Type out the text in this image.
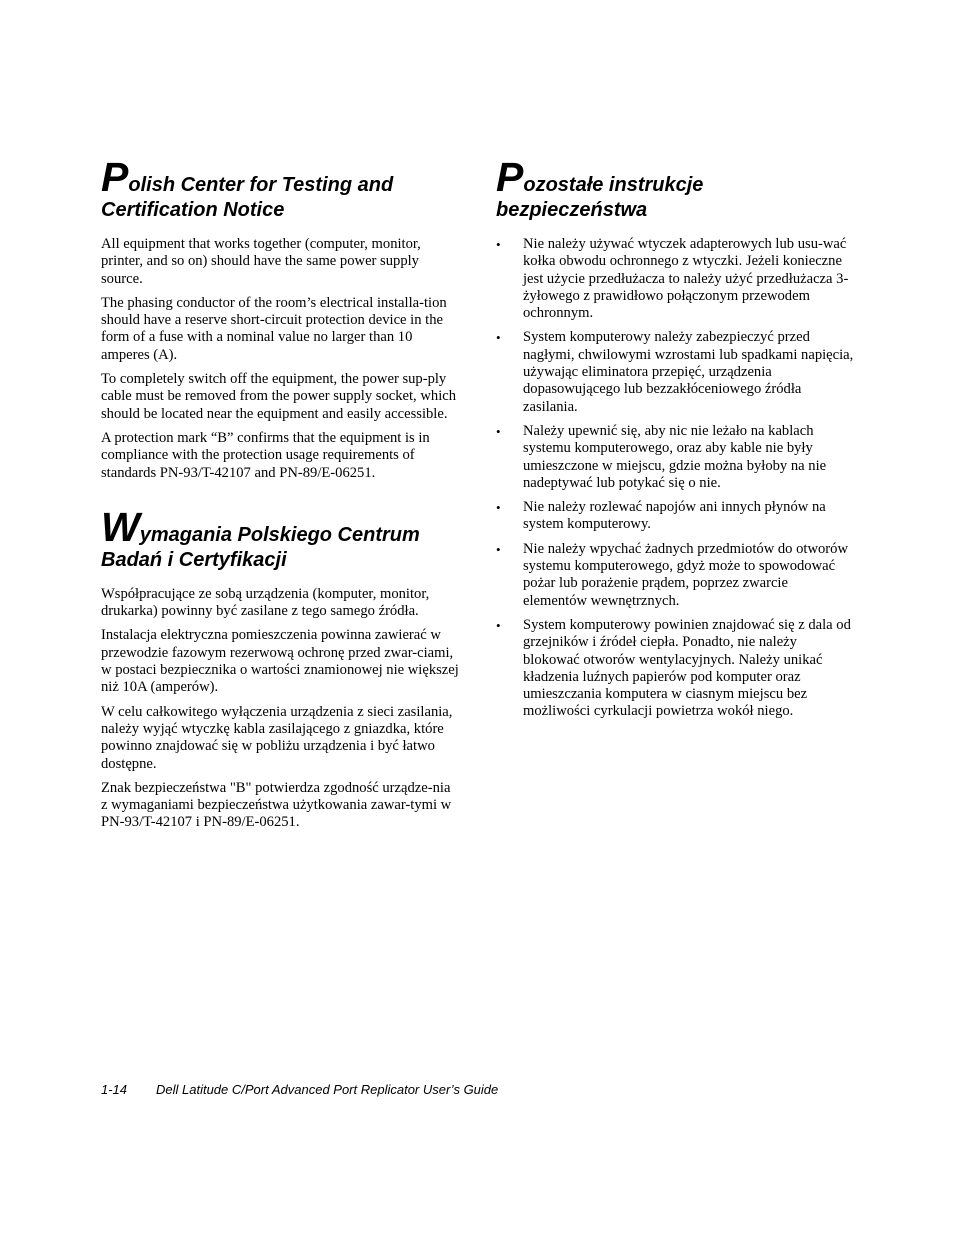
Polish Center for Testing and
Certification Notice

All equipment that works together (computer, monitor, printer, and so on) should have the same power supply source.

The phasing conductor of the room’s electrical installa-tion should have a reserve short-circuit protection device in the form of a fuse with a nominal value no larger than 10 amperes (A).

To completely switch off the equipment, the power sup-ply cable must be removed from the power supply socket, which should be located near the equipment and easily accessible.

A protection mark “B” confirms that the equipment is in compliance with the protection usage requirements of standards PN-93/T-42107 and PN-89/E-06251.

Wymagania Polskiego Centrum
Badań i Certyfikacji

Współpracujące ze sobą urządzenia (komputer, monitor, drukarka) powinny być zasilane z tego samego źródła.

Instalacja elektryczna pomieszczenia powinna zawierać w przewodzie fazowym rezerwową ochronę przed zwar-ciami, w postaci bezpiecznika o wartości znamionowej nie większej niż 10A (amperów).

W celu całkowitego wyłączenia urządzenia z sieci zasilania, należy wyjąć wtyczkę kabla zasilającego z gniazdka, które powinno znajdować się w pobliżu urządzenia i być łatwo dostępne.

Znak bezpieczeństwa "B" potwierdza zgodność urządze-nia z wymaganiami bezpieczeństwa użytkowania zawar-tymi w PN-93/T-42107 i PN-89/E-06251.

Pozostałe instrukcje
bezpieczeństwa
• Nie należy używać wtyczek adapterowych lub usu-wać kołka obwodu ochronnego z wtyczki. Jeżeli konieczne jest użycie przedłużacza to należy użyć przedłużacza 3-żyłowego z prawidłowo połączonym przewodem ochronnym.
• System komputerowy należy zabezpieczyć przed nagłymi, chwilowymi wzrostami lub spadkami napięcia, używając eliminatora przepięć, urządzenia dopasowującego lub bezzakłóceniowego źródła zasilania.
• Należy upewnić się, aby nic nie leżało na kablach systemu komputerowego, oraz aby kable nie były umieszczone w miejscu, gdzie można byłoby na nie nadeptywać lub potykać się o nie.
• Nie należy rozlewać napojów ani innych płynów na system komputerowy.
• Nie należy wpychać żadnych przedmiotów do otworów systemu komputerowego, gdyż może to spowodować pożar lub porażenie prądem, poprzez zwarcie elementów wewnętrznych.
• System komputerowy powinien znajdować się z dala od grzejników i źródeł ciepła. Ponadto, nie należy blokować otworów wentylacyjnych. Należy unikać kładzenia luźnych papierów pod komputer oraz umieszczania komputera w ciasnym miejscu bez możliwości cyrkulacji powietrza wokół niego.
1-14 Dell Latitude C/Port Advanced Port Replicator User’s Guide
